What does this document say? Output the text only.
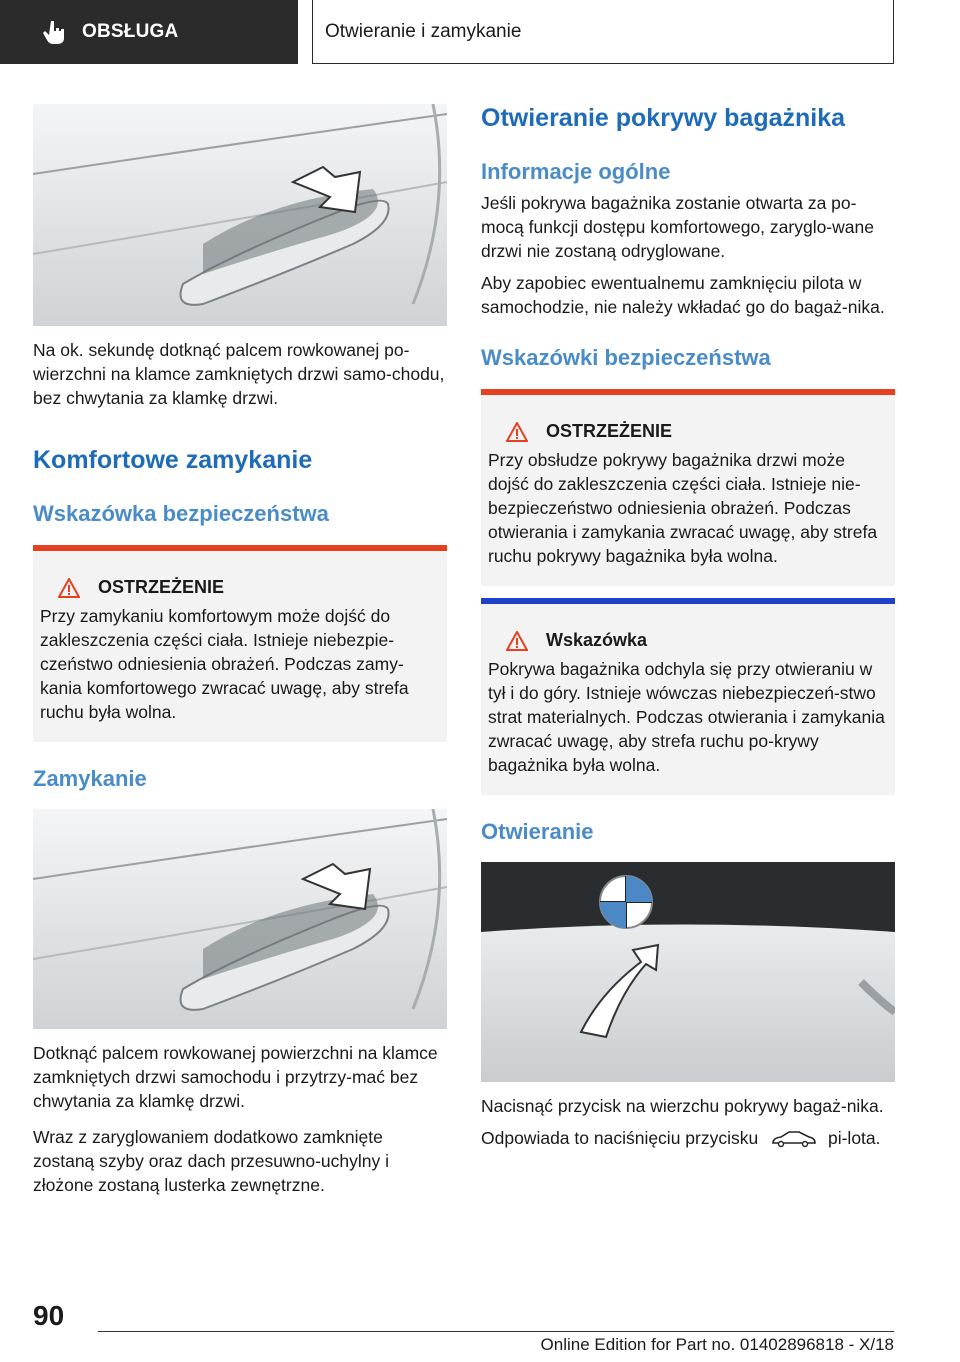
OBSŁUGA	Otwieranie i zamykanie

Na ok. sekundę dotknąć palcem rowkowanej po‐wierzchni na klamce zamkniętych drzwi samo‐chodu, bez chwytania za klamkę drzwi.

Komfortowe zamykanie
Wskazówka bezpieczeństwa
OSTRZEŻENIE

Przy zamykaniu komfortowym może dojść do zakleszczenia części ciała. Istnieje niebezpie‐czeństwo odniesienia obrażeń. Podczas zamy‐kania komfortowego zwracać uwagę, aby strefa ruchu była wolna.

Zamykanie

Dotknąć palcem rowkowanej powierzchni na klamce zamkniętych drzwi samochodu i przytrzy‐mać bez chwytania za klamkę drzwi.

Wraz z zaryglowaniem dodatkowo zamknięte zostaną szyby oraz dach przesuwno-uchylny i złożone zostaną lusterka zewnętrzne.

Otwieranie pokrywy bagażnika
Informacje ogólne

Jeśli pokrywa bagażnika zostanie otwarta za po‐mocą funkcji dostępu komfortowego, zaryglo‐wane drzwi nie zostaną odryglowane.

Aby zapobiec ewentualnemu zamknięciu pilota w samochodzie, nie należy wkładać go do bagaż‐nika.

Wskazówki bezpieczeństwa
OSTRZEŻENIE

Przy obsłudze pokrywy bagażnika drzwi może dojść do zakleszczenia części ciała. Istnieje nie‐bezpieczeństwo odniesienia obrażeń. Podczas otwierania i zamykania zwracać uwagę, aby strefa ruchu pokrywy bagażnika była wolna.

Wskazówka

Pokrywa bagażnika odchyla się przy otwieraniu w tył i do góry. Istnieje wówczas niebezpieczeń‐stwo strat materialnych. Podczas otwierania i zamykania zwracać uwagę, aby strefa ruchu po‐krywy bagażnika była wolna.

Otwieranie

Nacisnąć przycisk na wierzchu pokrywy bagaż‐nika.

Odpowiada to naciśnięciu przycisku	pi‐lota.

90
Online Edition for Part no. 01402896818 - X/18
